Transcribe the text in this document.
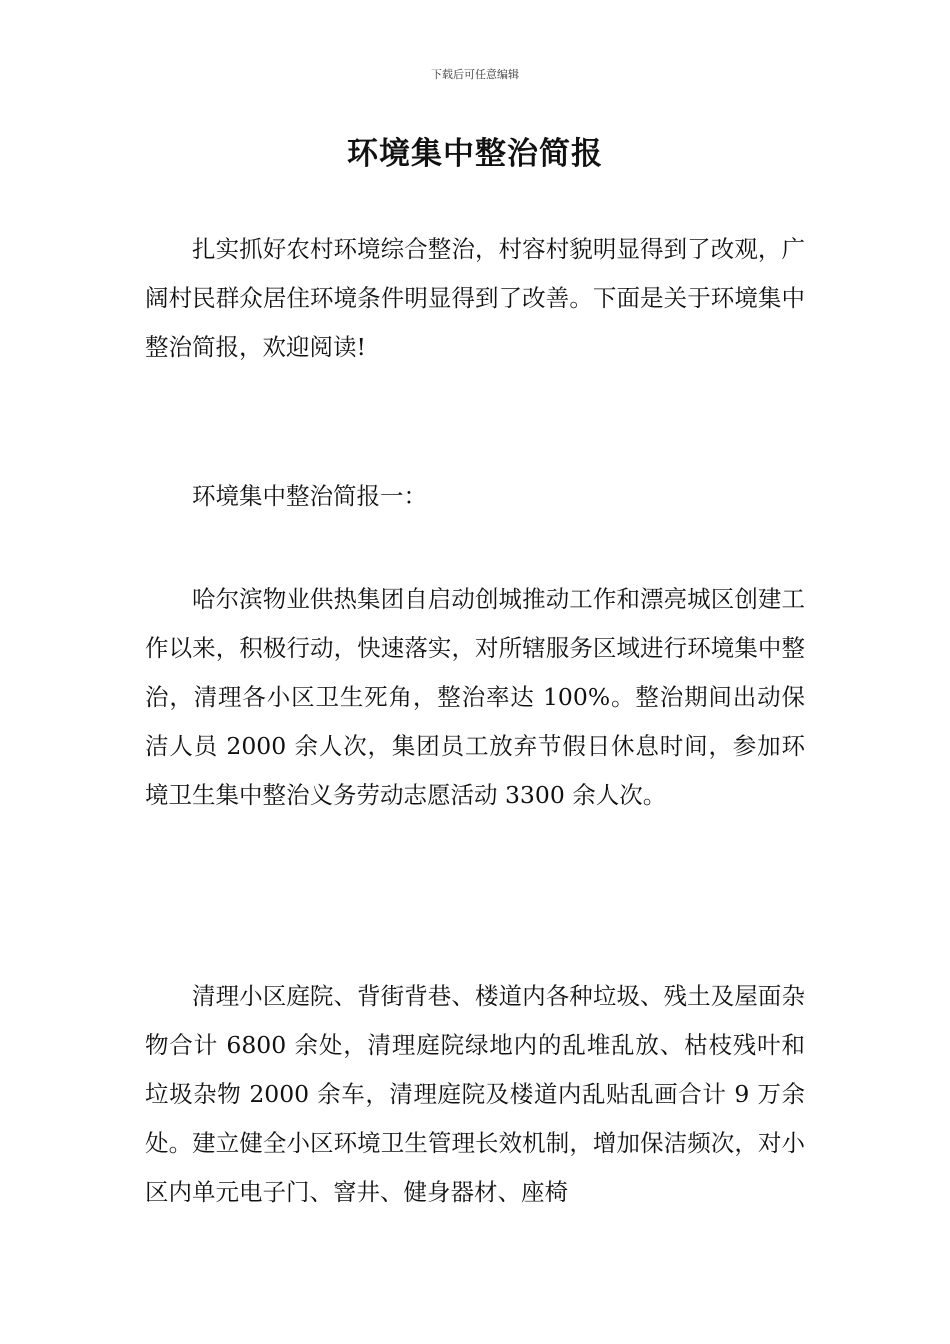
下载后可任意编辑
环境集中整治简报

扎实抓好农村环境综合整治，村容村貌明显得到了改观，广阔村民群众居住环境条件明显得到了改善。下面是关于环境集中整治简报，欢迎阅读!

环境集中整治简报一：

哈尔滨物业供热集团自启动创城推动工作和漂亮城区创建工作以来，积极行动，快速落实，对所辖服务区域进行环境集中整治，清理各小区卫生死角，整治率达 100%。整治期间出动保洁人员 2000 余人次，集团员工放弃节假日休息时间，参加环境卫生集中整治义务劳动志愿活动 3300 余人次。

清理小区庭院、背街背巷、楼道内各种垃圾、残土及屋面杂物合计 6800 余处，清理庭院绿地内的乱堆乱放、枯枝残叶和垃圾杂物 2000 余车，清理庭院及楼道内乱贴乱画合计 9 万余处。建立健全小区环境卫生管理长效机制，增加保洁频次，对小区内单元电子门、窨井、健身器材、座椅
